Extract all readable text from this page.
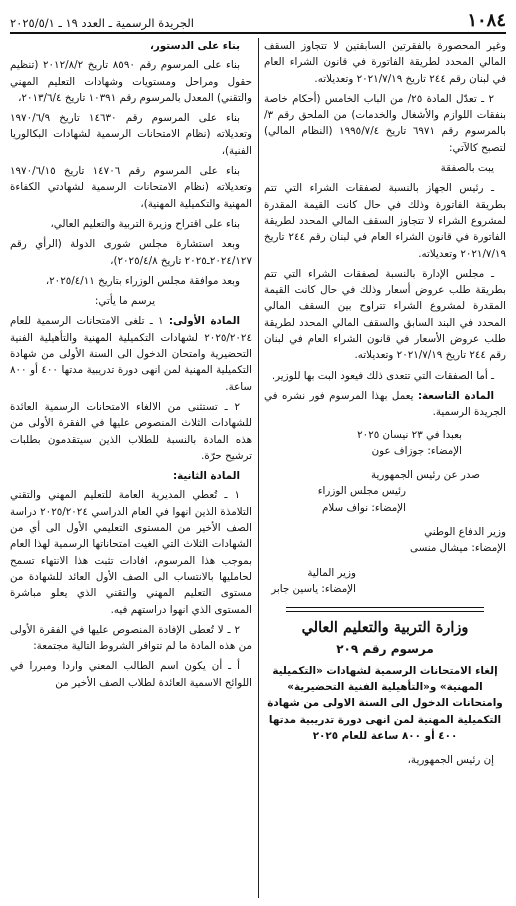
١٠٨٤
الجريدة الرسمية ـ العدد ١٩ ـ ٢٠٢٥/٥/١

وغير المحصورة بالفقرتين السابقتين لا تتجاوز السقف المالي المحدد لطريقة الفاتورة في قانون الشراء العام في لبنان رقم ٢٤٤ تاريخ ٢٠٢١/٧/١٩ وتعديلاته.

٢ ـ تعدّل المادة ٢٥/ من الباب الخامس (أحكام خاصة بنفقات اللوازم والأشغال والخدمات) من الملحق رقم ٣/ بالمرسوم رقم ٦٩٧١ تاريخ ١٩٩٥/٧/٤ (النظام المالي) لتصبح كالآتي:

يبت بالصفقة

ـ رئيس الجهاز بالنسبة لصفقات الشراء التي تتم بطريقة الفاتورة وذلك في حال كانت القيمة المقدرة لمشروع الشراء لا تتجاوز السقف المالي المحدد لطريقة الفاتورة في قانون الشراء العام في لبنان رقم ٢٤٤ تاريخ ٢٠٢١/٧/١٩ وتعديلاته.

ـ مجلس الإدارة بالنسبة لصفقات الشراء التي تتم بطريقة طلب عروض أسعار وذلك في حال كانت القيمة المقدرة لمشروع الشراء تتراوح بين السقف المالي المحدد في البند السابق والسقف المالي المحدد لطريقة طلب عروض الأسعار في قانون الشراء العام في لبنان رقم ٢٤٤ تاريخ ٢٠٢١/٧/١٩ وتعديلاته.

ـ أما الصفقات التي تتعدى ذلك فيعود البت بها للوزير.

المادة التاسعة: يعمل بهذا المرسوم فور نشره في الجريدة الرسمية.

بعبدا في ٢٣ نيسان ٢٠٢٥

الإمضاء: جوزاف عون

صدر عن رئيس الجمهورية

رئيس مجلس الوزراء

الإمضاء: نواف سلام

وزير الدفاع الوطني

الإمضاء: ميشال منسى

وزير المالية

الإمضاء: ياسين جابر

وزارة التربية والتعليم العالي
مرسوم رقم ٢٠٩
إلغاء الامتحانات الرسمية لشهادات «التكميلية المهنية» و«التأهيلية الفنية التحضيرية» وامتحانات الدخول الى السنة الاولى من شهادة التكميلية المهنية لمن انهى دورة تدريبية مدتها ٤٠٠ أو ٨٠٠ ساعة للعام ٢٠٢٥

إن رئيس الجمهورية،

بناء على الدستور،

بناء على المرسوم رقم ٨٥٩٠ تاريخ ٢٠١٢/٨/٢ (تنظيم حقول ومراحل ومستويات وشهادات التعليم المهني والتقني) المعدل بالمرسوم رقم ١٠٣٩١ تاريخ ٢٠١٣/٦/٤،

بناء على المرسوم رقم ١٤٦٣٠ تاريخ ١٩٧٠/٦/٩ وتعديلاته (نظام الامتحانات الرسمية لشهادات البكالوريا الفنية)،

بناء على المرسوم رقم ١٤٧٠٦ تاريخ ١٩٧٠/٦/١٥ وتعديلاته (نظام الامتحانات الرسمية لشهادتي الكفاءة المهنية والتكميلية المهنية)،

بناء على اقتراح وزيرة التربية والتعليم العالي،

وبعد استشارة مجلس شورى الدولة (الرأي رقم ٢٠٢٤/١٢٧ـ٢٠٢٥ تاريخ ٢٠٢٥/٤/٨)،

وبعد موافقة مجلس الوزراء بتاريخ ٢٠٢٥/٤/١١،

يرسم ما يأتي:

المادة الأولى: ١ ـ تلغى الامتحانات الرسمية للعام ٢٠٢٥/٢٠٢٤ لشهادات التكميلية المهنية والتأهيلية الفنية التحضيرية وامتحان الدخول الى السنة الأولى من شهادة التكميلية المهنية لمن انهى دورة تدريبية مدتها ٤٠٠ أو ٨٠٠ ساعة.

٢ ـ تستثنى من الالغاء الامتحانات الرسمية العائدة للشهادات الثلاث المنصوص عليها في الفقرة الأولى من هذه المادة بالنسبة للطلاب الذين سيتقدمون بطلبات ترشيح حرّة.

المادة الثانية:

١ ـ تُعطي المديرية العامة للتعليم المهني والتقني التلامذة الذين انهوا في العام الدراسي ٢٠٢٥/٢٠٢٤ دراسة الصف الأخير من المستوى التعليمي الأول الى أي من الشهادات الثلاث التي الغيت امتحاناتها الرسمية لهذا العام بموجب هذا المرسوم، افادات تثبت هذا الانتهاء تسمح لحامليها بالانتساب الى الصف الأول العائد للشهادة من مستوى التعليم المهني والتقني الذي يعلو مباشرة المستوى الذي انهوا دراستهم فيه.

٢ ـ لا تُعطى الإفادة المنصوص عليها في الفقرة الأولى من هذه المادة ما لم تتوافر الشروط التالية مجتمعة:

أ ـ أن يكون اسم الطالب المعني واردا ومبررا في اللوائح الاسمية العائدة لطلاب الصف الأخير من
